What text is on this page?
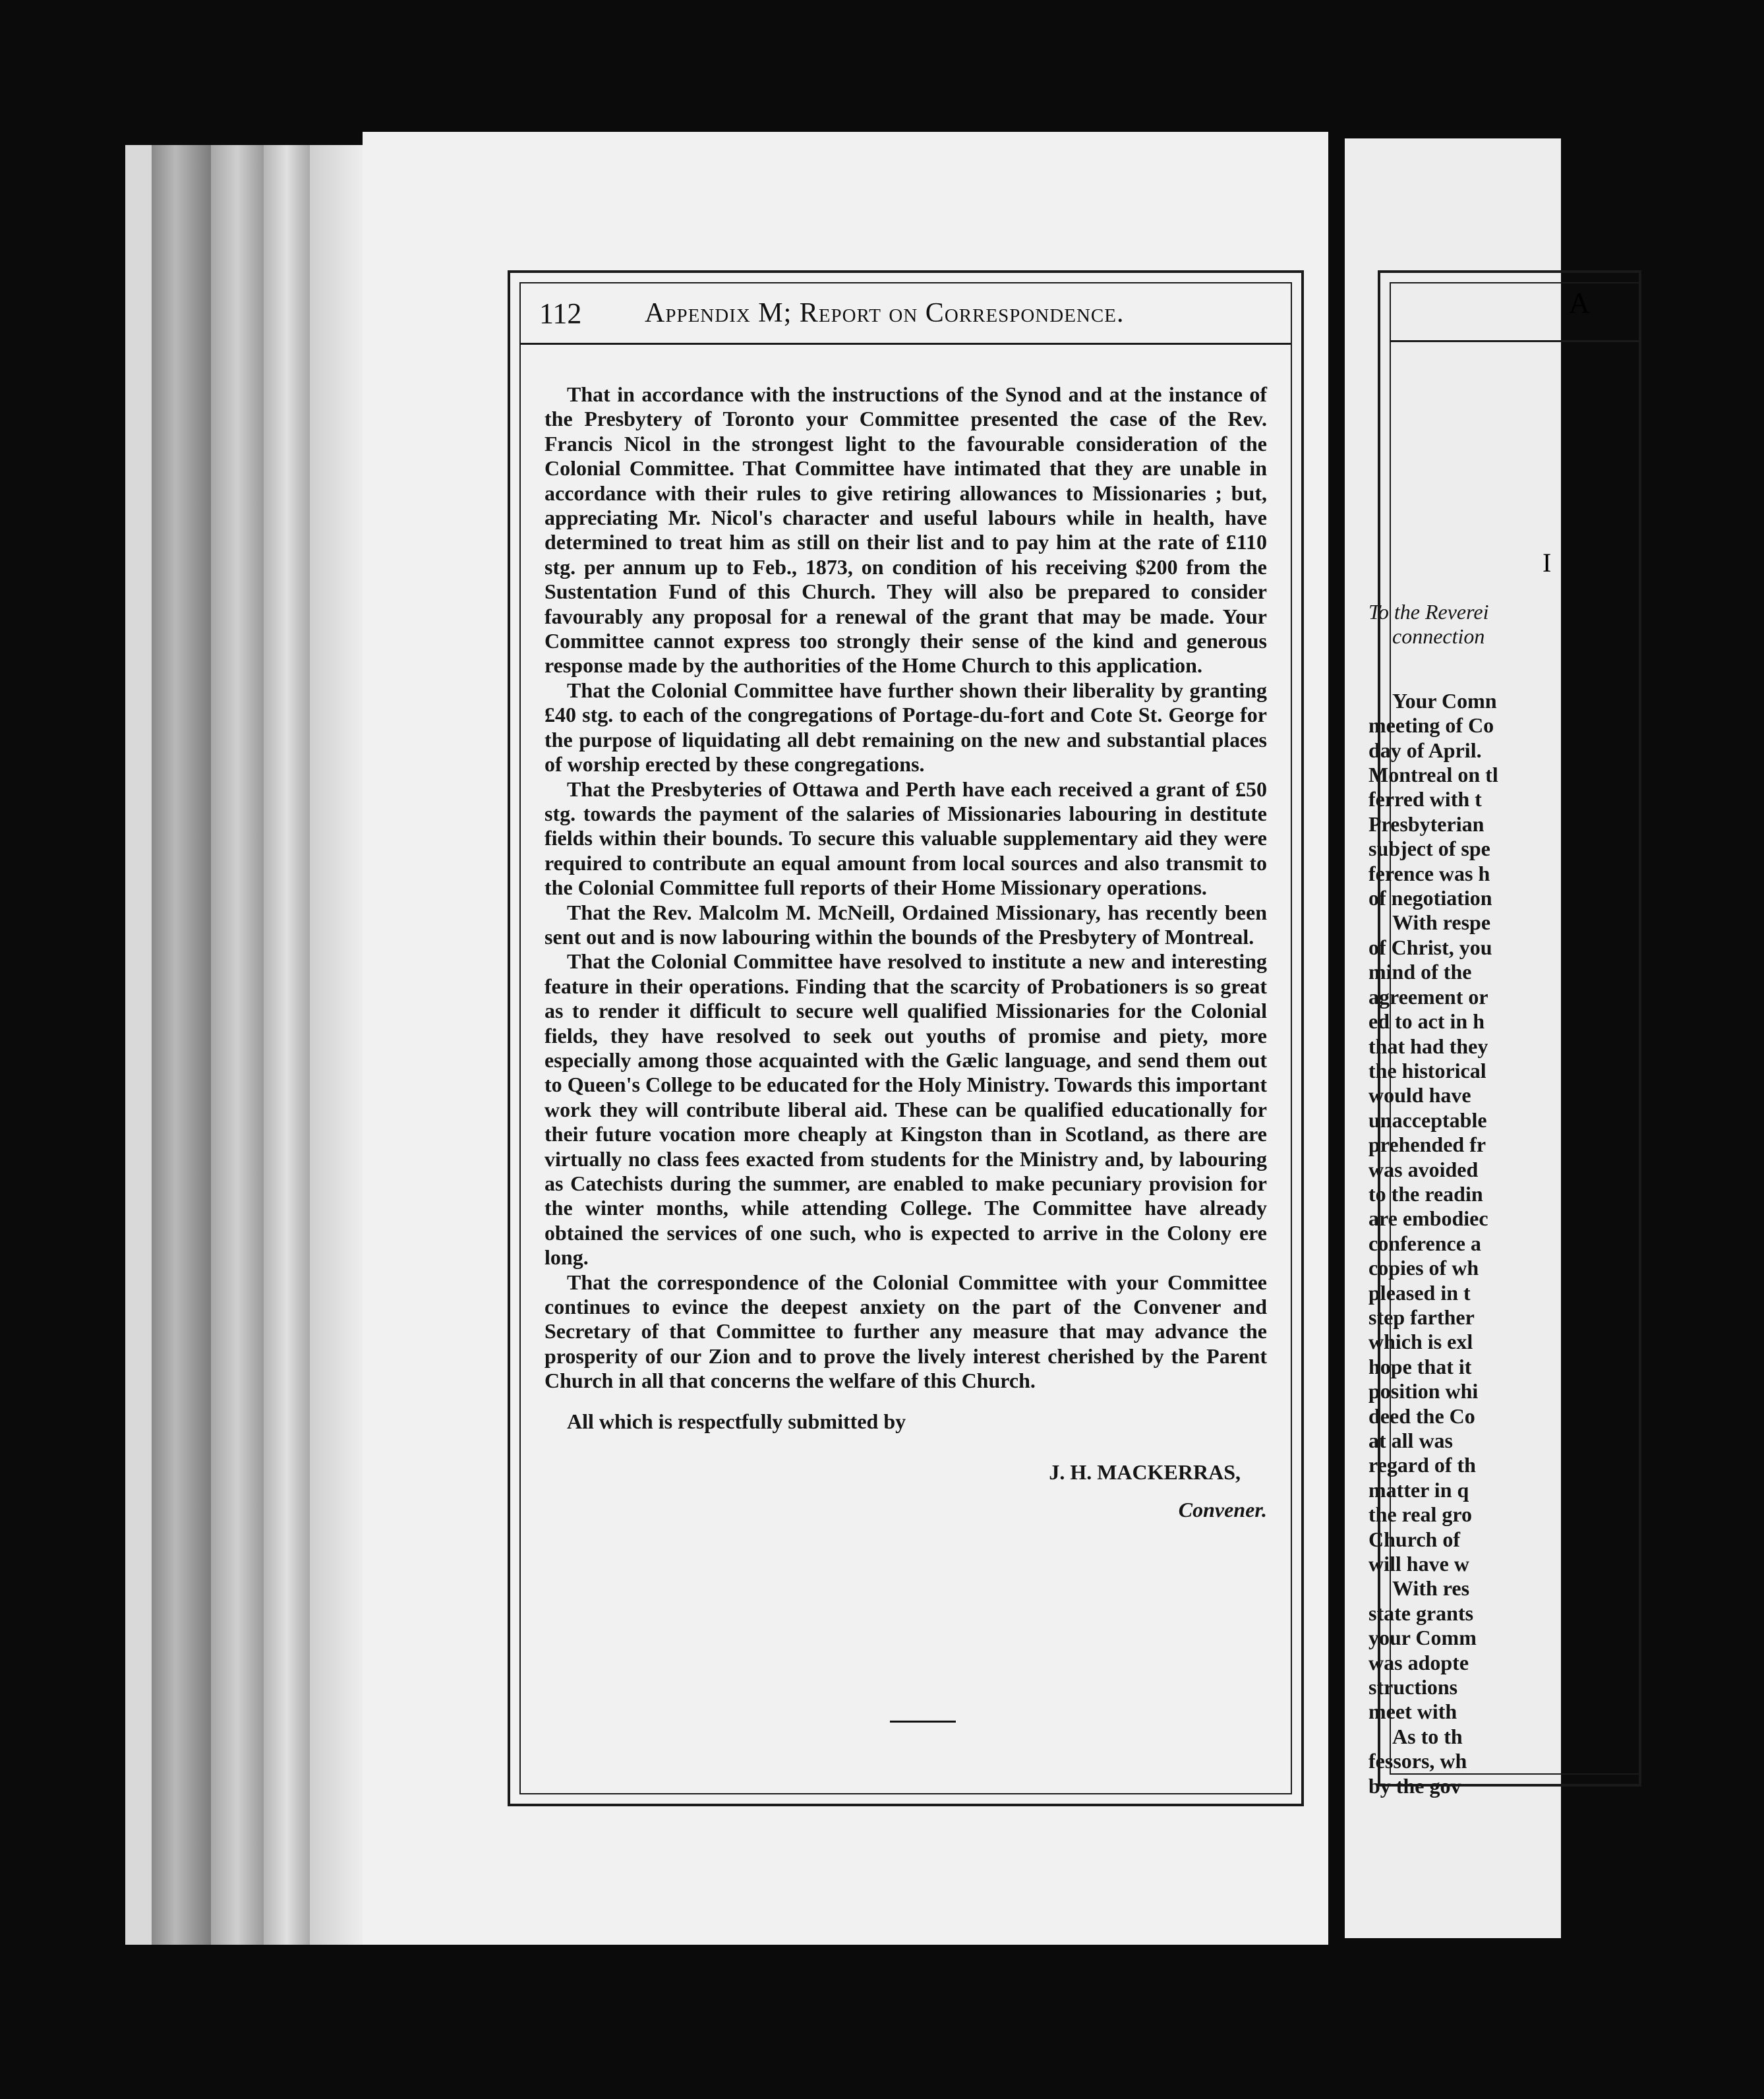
112	Appendix M; Report on Correspondence.

That in accordance with the instructions of the Synod and at the instance of the Presbytery of Toronto your Committee presented the case of the Rev. Francis Nicol in the strongest light to the favourable consideration of the Colonial Committee. That Committee have intimated that they are unable in accordance with their rules to give retiring allowances to Missionaries ; but, appreciating Mr. Nicol's character and useful labours while in health, have determined to treat him as still on their list and to pay him at the rate of £110 stg. per annum up to Feb., 1873, on condition of his receiving $200 from the Sustentation Fund of this Church. They will also be prepared to consider favourably any proposal for a renewal of the grant that may be made. Your Committee cannot express too strongly their sense of the kind and generous response made by the authorities of the Home Church to this application.

That the Colonial Committee have further shown their liberality by granting £40 stg. to each of the congregations of Portage-du-fort and Cote St. George for the purpose of liquidating all debt remaining on the new and substantial places of worship erected by these congregations.

That the Presbyteries of Ottawa and Perth have each received a grant of £50 stg. towards the payment of the salaries of Missionaries labouring in destitute fields within their bounds. To secure this valuable supplementary aid they were required to contribute an equal amount from local sources and also transmit to the Colonial Committee full reports of their Home Missionary operations.

That the Rev. Malcolm M. McNeill, Ordained Missionary, has recently been sent out and is now labouring within the bounds of the Presbytery of Montreal.

That the Colonial Committee have resolved to institute a new and interesting feature in their operations. Finding that the scarcity of Probationers is so great as to render it difficult to secure well qualified Missionaries for the Colonial fields, they have resolved to seek out youths of promise and piety, more especially among those acquainted with the Gælic language, and send them out to Queen's College to be educated for the Holy Ministry. Towards this important work they will contribute liberal aid. These can be qualified educationally for their future vocation more cheaply at Kingston than in Scotland, as there are virtually no class fees exacted from students for the Ministry and, by labouring as Catechists during the summer, are enabled to make pecuniary provision for the winter months, while attending College. The Committee have already obtained the services of one such, who is expected to arrive in the Colony ere long.

That the correspondence of the Colonial Committee with your Committee continues to evince the deepest anxiety on the part of the Convener and Secretary of that Committee to further any measure that may advance the prosperity of our Zion and to prove the lively interest cherished by the Parent Church in all that concerns the welfare of this Church.

All which is respectfully submitted by
J. H. MACKERRAS,
Convener.
A
I
To the Reverei
connection
Your Comn
meeting of Co
day of April.
Montreal on tl
ferred with t
Presbyterian
subject of spe
ference was h
of negotiation
With respe
of Christ, you
mind of the
agreement or
ed to act in h
that had they
the historical
would have
unacceptable
prehended fr
was avoided
to the readin
are embodiec
conference a
copies of wh
pleased in t
step farther
which is exl
hope that it
position whi
deed the Co
at all was
regard of th
matter in q
the real gro
Church of
will have w
With res
state grants
your Comm
was adopte
structions
meet with
As to th
fessors, wh
by the gov
